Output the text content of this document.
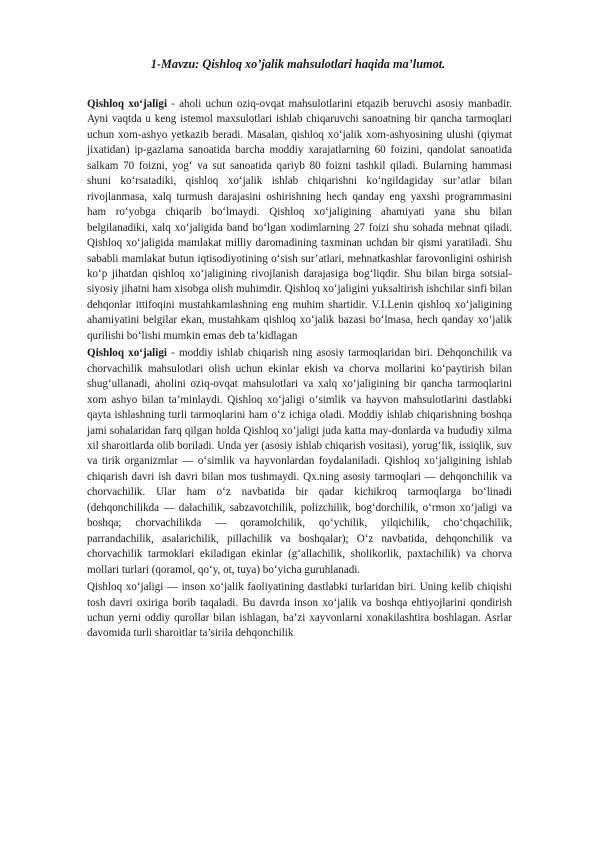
1-Mavzu: Qishloq xo’jalik mahsulotlari haqida ma’lumot.

Qishloq xo‘jaligi - aholi uchun oziq-ovqat mahsulotlarini etqazib beruvchi asosiy manbadir. Ayni vaqtda u keng istemol maxsulotlari ishlab chiqaruvchi sanoatning bir qancha tarmoqlari uchun xom-ashyo yetkazib beradi. Masalan, qishloq xo‘jalik xom-ashyosining ulushi (qiymat jixatidan) ip-gazlama sanoatida barcha moddiy xarajatlarning 60 foizini, qandolat sanoatida salkam 70 foizni, yog‘ va sut sanoatida qariyb 80 foizni tashkil qiladi. Bularning hammasi shuni ko‘rsatadiki, qishloq xo‘jalik ishlab chiqarishni ko‘ngildagiday sur’atlar bilan rivojlanmasa, xalq turmush darajasini oshirishning hech qanday eng yaxshi programmasini ham ro‘yobga chiqarib bo‘lmaydi. Qishloq xo‘jaligining ahamiyati yana shu bilan belgilanadiki, xalq xo‘jaligida band bo‘lgan xodimlarning 27 foizi shu sohada mehnat qiladi. Qishloq xo‘jaligida mamlakat milliy daromadining taxminan uchdan bir qismi yaratiladi. Shu sababli mamlakat butun iqtisodiyotining o‘sish sur’atlari, mehnatkashlar farovonligini oshirish ko‘p jihatdan qishloq xo‘jaligining rivojlanish darajasiga bog‘liqdir. Shu bilan birga sotsial-siyosiy jihatni ham xisobga olish muhimdir. Qishloq xo‘jaligini yuksaltirish ishchilar sinfi bilan dehqonlar ittifoqini mustahkamlashning eng muhim shartidir. V.I.Lenin qishloq xo‘jaligining ahamiyatini belgilar ekan, mustahkam qishloq xo‘jalik bazasi bo‘lmasa, hech qanday xo‘jalik qurilishi bo‘lishi mumkin emas deb ta’kidlagan

Qishloq xo‘jaligi - moddiy ishlab chiqarish ning asosiy tarmoqlaridan biri. Dehqonchilik va chorvachilik mahsulotlari olish uchun ekinlar ekish va chorva mollarini ko‘paytirish bilan shug‘ullanadi, aholini oziq-ovqat mahsulotlari va xalq xo‘jaligining bir qancha tarmoqlarini xom ashyo bilan ta’minlaydi. Qishloq xo‘jaligi o‘simlik va hayvon mahsulotlarini dastlabki qayta ishlashning turli tarmoqlarini ham o‘z ichiga oladi. Moddiy ishlab chiqarishning boshqa jami sohalaridan farq qilgan holda Qishloq xo‘jaligi juda katta may-donlarda va hududiy xilma xil sharoitlarda olib boriladi. Unda yer (asosiy ishlab chiqarish vositasi), yorug‘lik, issiqlik, suv va tirik organizmlar — o‘simlik va hayvonlardan foydalaniladi. Qishloq xo‘jaligining ishlab chiqarish davri ish davri bilan mos tushmaydi. Qx.ning asosiy tarmoqlari — dehqonchilik va chorvachilik. Ular ham o‘z navbatida bir qadar kichikroq tarmoqlarga bo‘linadi (dehqonchilikda — dalachilik, sabzavotchilik, polizchilik, bog‘dorchilik, o‘rmon xo‘jaligi va boshqa; chorvachilikda — qoramolchilik, qo‘ychilik, yilqichilik, cho‘chqachilik, parrandachilik, asalarichilik, pillachilik va boshqalar); O‘z navbatida, dehqonchilik va chorvachilik tarmoklari ekiladigan ekinlar (g‘allachilik, sholikorlik, paxtachilik) va chorva mollari turlari (qoramol, qo‘y, ot, tuya) bo‘yicha guruhlanadi.

Qishloq xo‘jaligi — inson xo‘jalik faoliyatining dastlabki turlaridan biri. Uning kelib chiqishi tosh davri oxiriga borib taqaladi. Bu davrda inson xo‘jalik va boshqa ehtiyojlarini qondirish uchun yerni oddiy qurollar bilan ishlagan, ba’zi xayvonlarni xonakilashtira boshlagan. Asrlar davomida turli sharoitlar ta’sirila dehqonchilik
